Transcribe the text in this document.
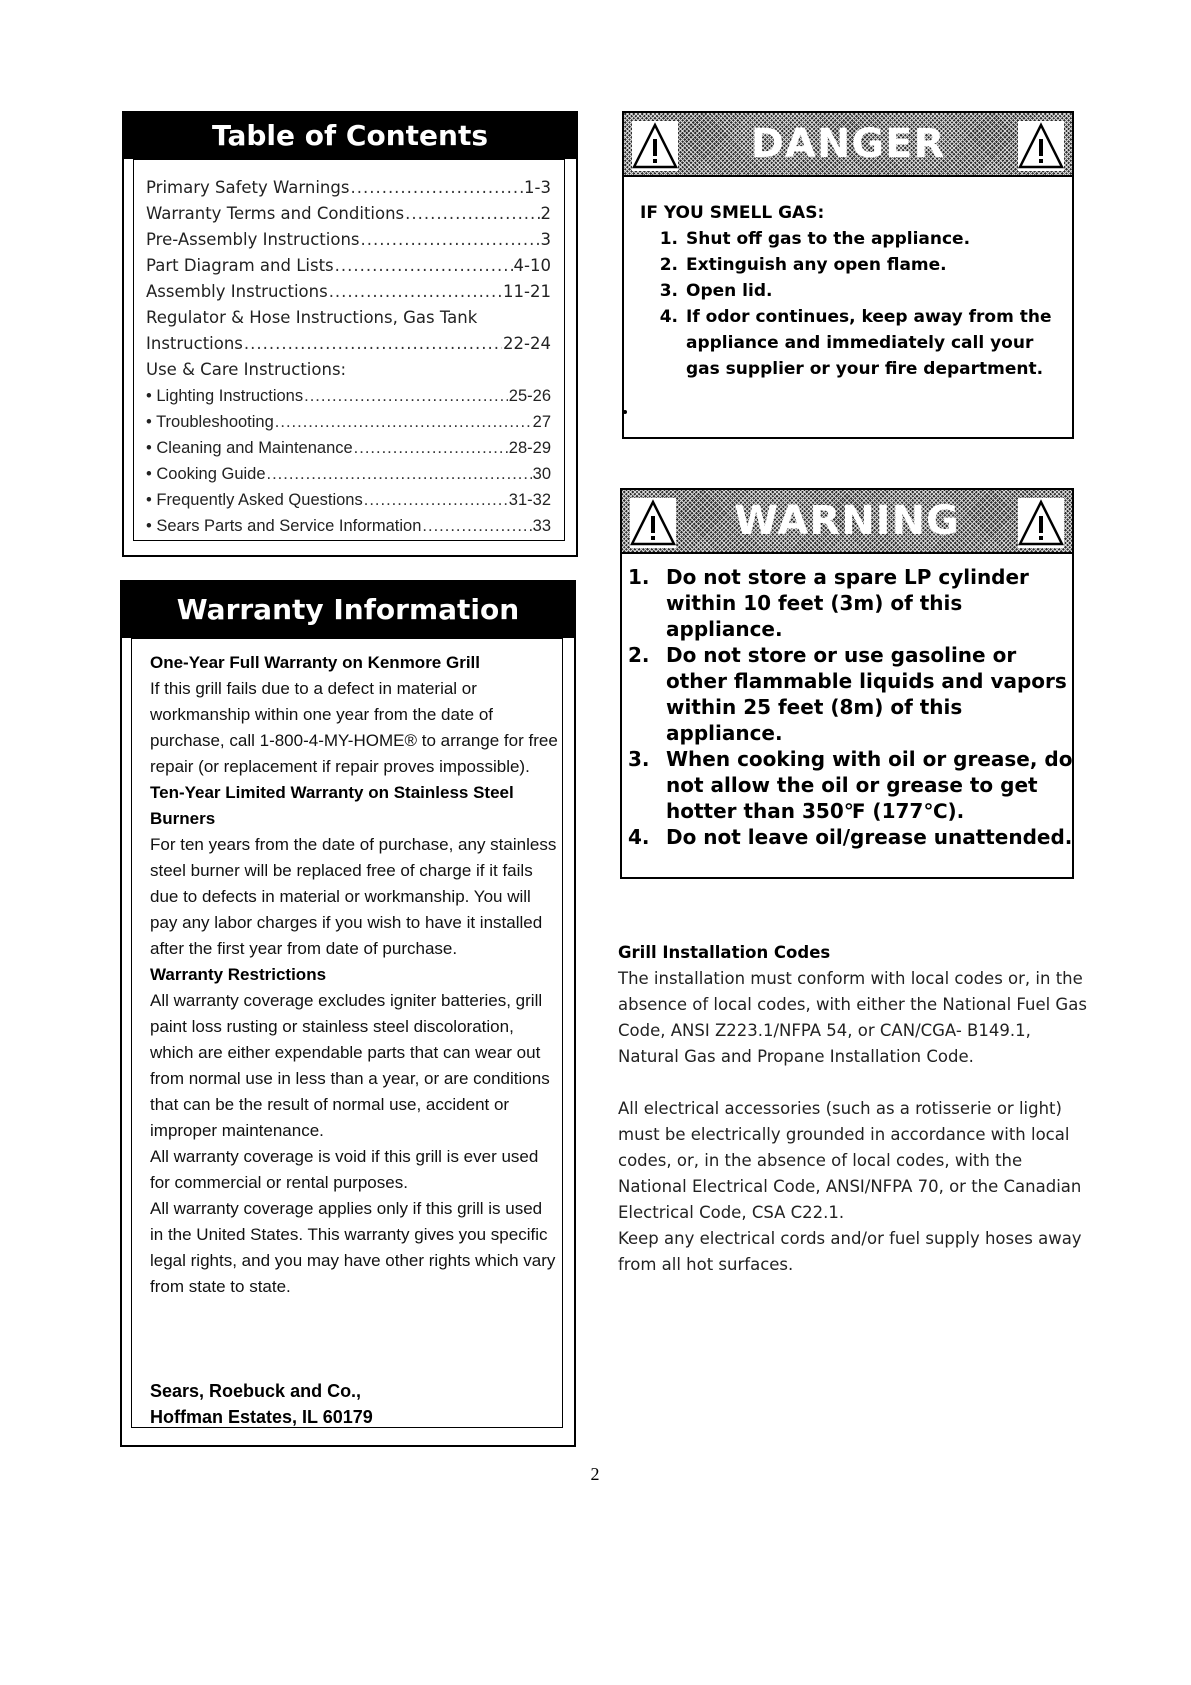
Table of Contents
Primary Safety Warnings .....	1-3
Warranty Terms and Conditions .....	2
Pre-Assembly Instructions .....	3
Part Diagram and Lists .....	4-10
Assembly Instructions .....	11-21
Regulator & Hose Instructions, Gas Tank
Instructions .....	22-24
Use & Care Instructions:
• Lighting Instructions .....	25-26
• Troubleshooting .....	27
• Cleaning and Maintenance .....	28-29
• Cooking Guide .....	30
• Frequently Asked Questions .....	31-32
• Sears Parts and Service Information .....	33
Warranty Information
One-Year Full Warranty on Kenmore Grill
If this grill fails due to a defect in material or workmanship within one year from the date of purchase, call 1-800-4-MY-HOME® to arrange for free repair (or replacement if repair proves impossible).
Ten-Year Limited Warranty on Stainless Steel Burners
For ten years from the date of purchase, any stainless steel burner will be replaced free of charge if it fails due to defects in material or workmanship. You will pay any labor charges if you wish to have it installed after the first year from date of purchase.
Warranty Restrictions
All warranty coverage excludes igniter batteries, grill paint loss rusting or stainless steel discoloration, which are either expendable parts that can wear out from normal use in less than a year, or are conditions that can be the result of normal use, accident or improper maintenance.
All warranty coverage is void if this grill is ever used for commercial or rental purposes.
All warranty coverage applies only if this grill is used in the United States. This warranty gives you specific legal rights, and you may have other rights which vary from state to state.
Sears, Roebuck and Co.,
Hoffman Estates, IL 60179
DANGER
IF YOU SMELL GAS:
1. Shut off gas to the appliance.
2. Extinguish any open flame.
3. Open lid.
4. If odor continues, keep away from the appliance and immediately call your gas supplier or your fire department.
WARNING
1. Do not store a spare LP cylinder within 10 feet (3m) of this appliance.
2. Do not store or use gasoline or other flammable liquids and vapors within 25 feet (8m) of this appliance.
3. When cooking with oil or grease, do not allow the oil or grease to get hotter than 350℉ (177℃).
4. Do not leave oil/grease unattended.
Grill Installation Codes
The installation must conform with local codes or, in the absence of local codes, with either the National Fuel Gas Code, ANSI Z223.1/NFPA 54, or CAN/CGA- B149.1, Natural Gas and Propane Installation Code.
All electrical accessories (such as a rotisserie or light) must be electrically grounded in accordance with local codes, or, in the absence of local codes, with the National Electrical Code, ANSI/NFPA 70, or the Canadian Electrical Code, CSA C22.1.
Keep any electrical cords and/or fuel supply hoses away from all hot surfaces.
2
